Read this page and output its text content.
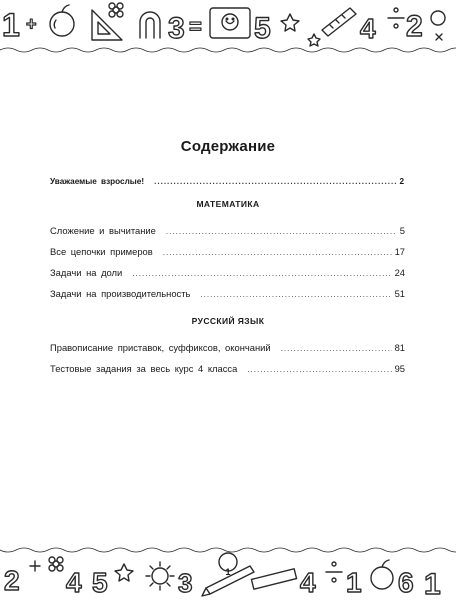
1 +	3 = 5	4 2
Содержание
Уважаемые взрослые! . . .	2
МАТЕМАТИКА
Сложение и вычитание . . .	5
Все цепочки примеров . . .	17
Задачи на доли . . .	24
Задачи на производительность . . .	51
РУССКИЙ ЯЗЫК
Правописание приставок, суффиксов, окончаний . . .	81
Тестовые задания за весь курс 4 класса . . .	95
2 4 5	3	4 1 6 1
1
